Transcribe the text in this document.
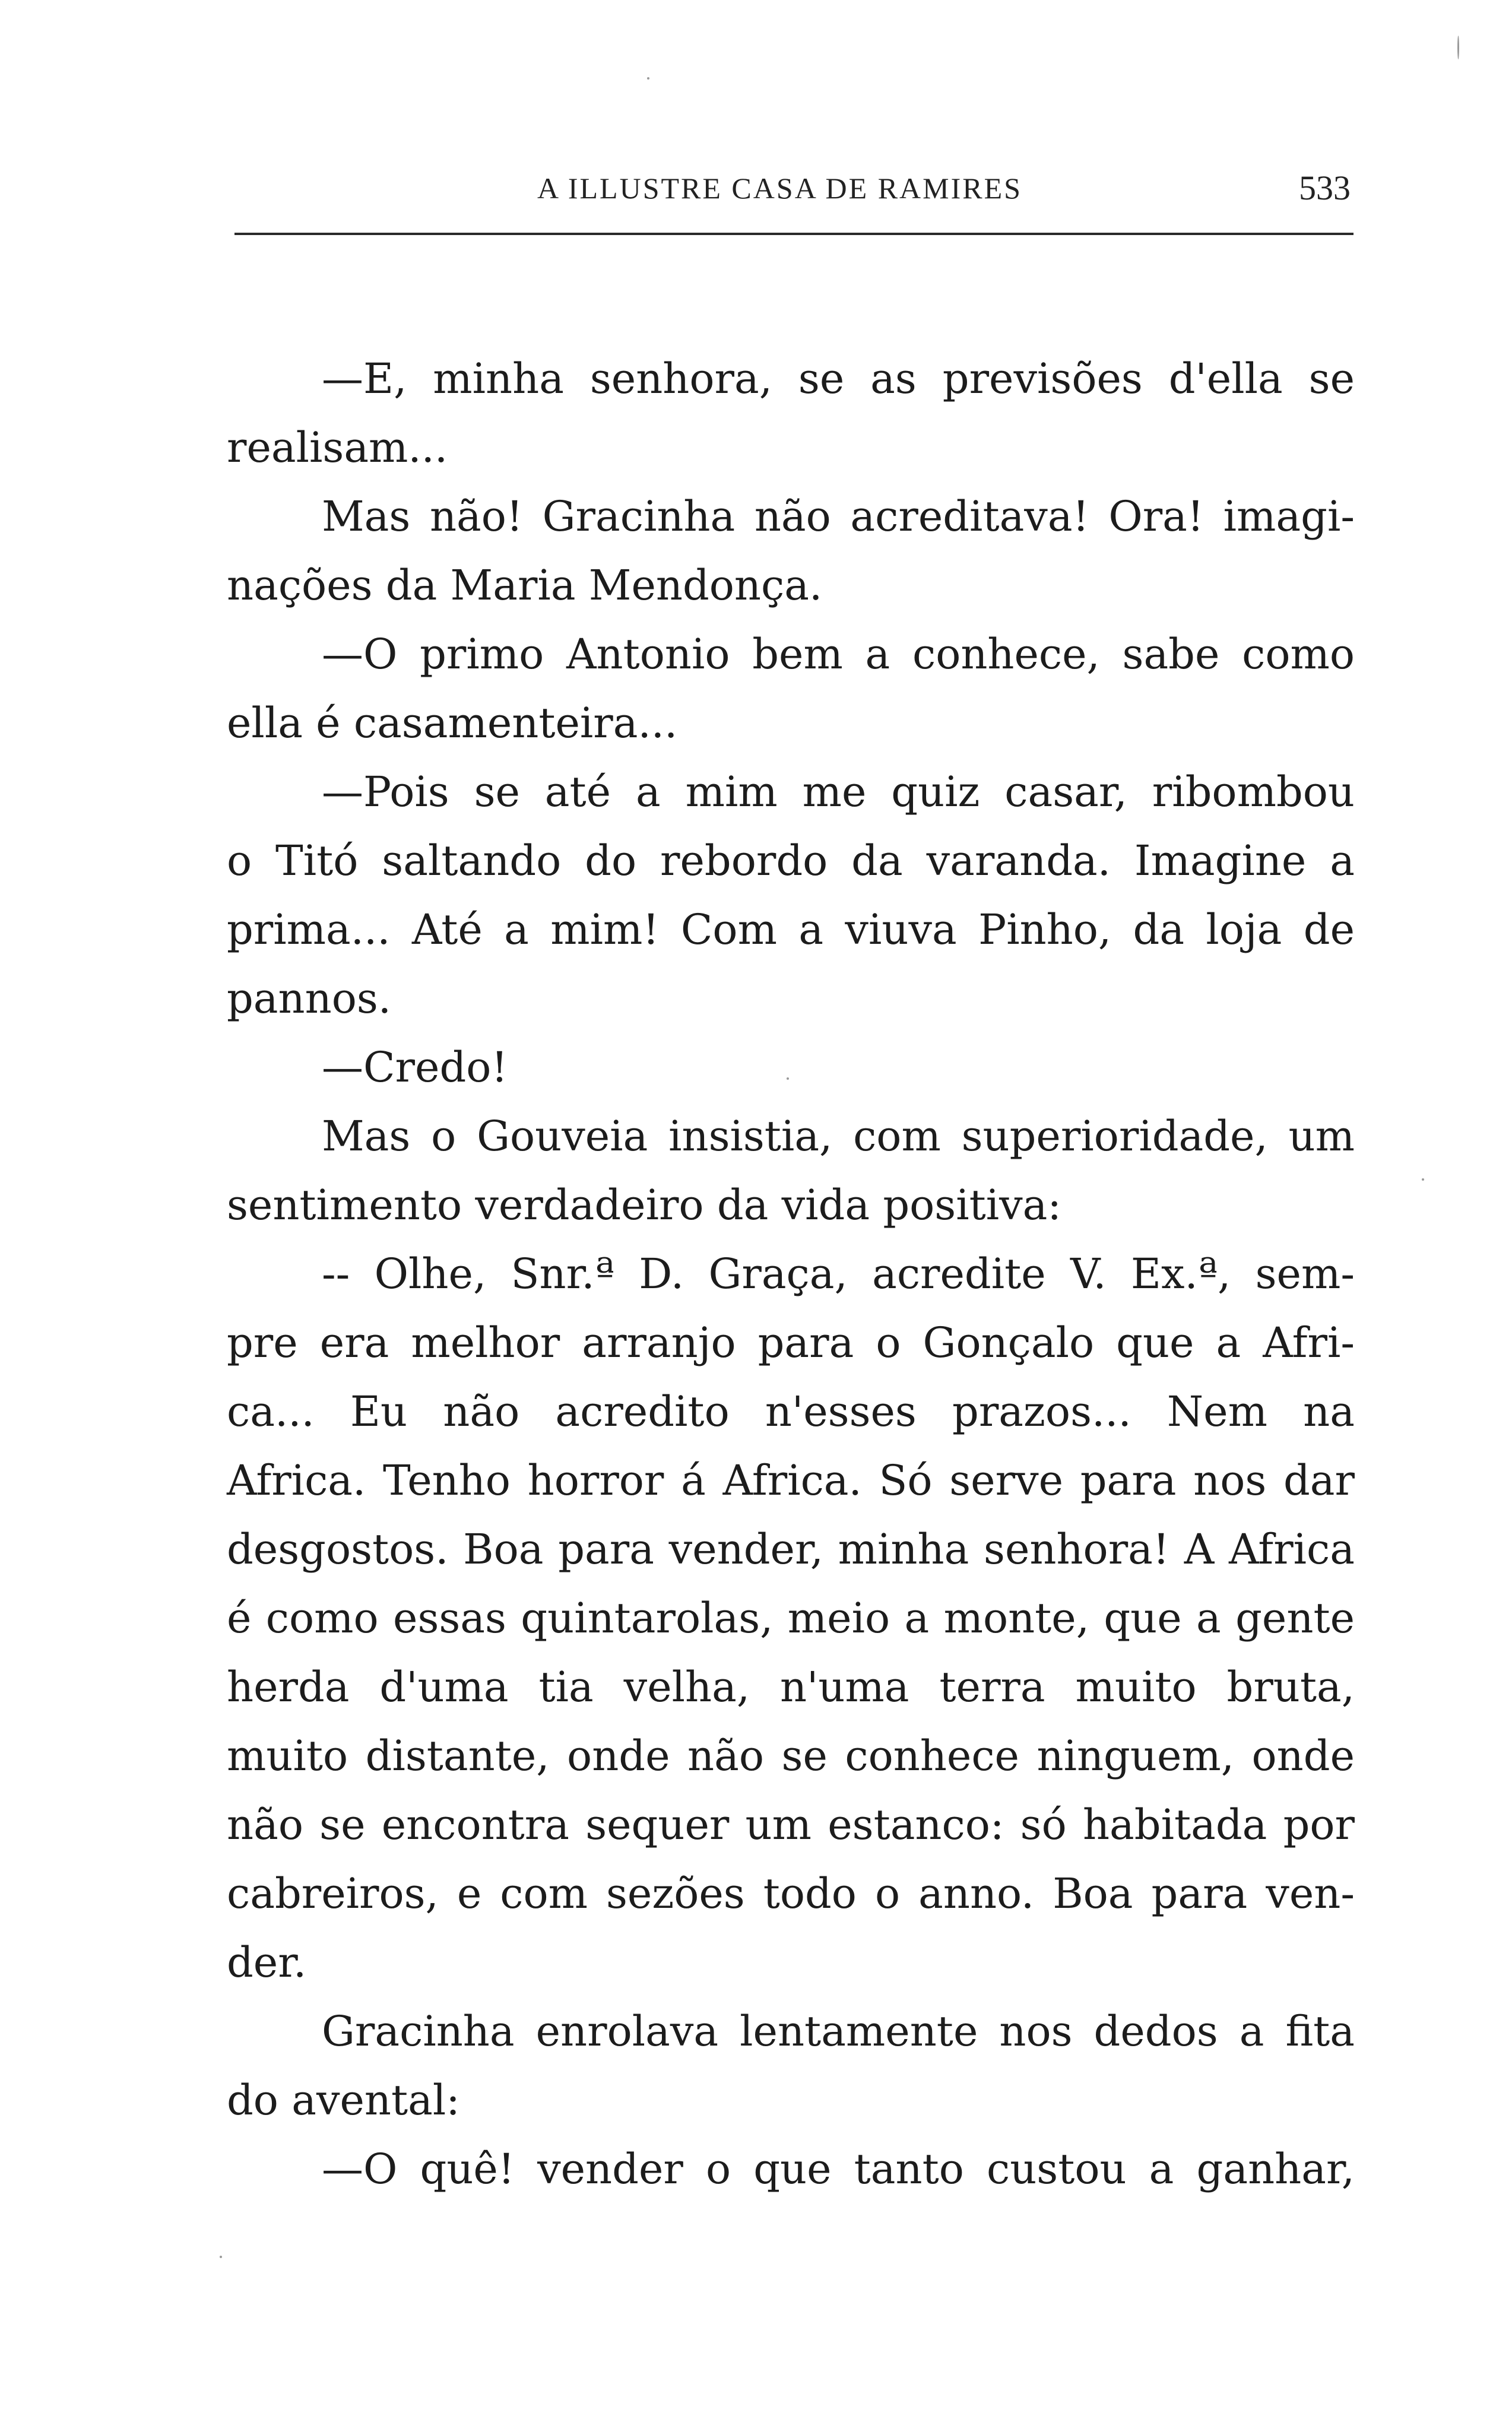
A ILLUSTRE CASA DE RAMIRES	533
—E, minha senhora, se as previsões d'ella se
realisam...
Mas não! Gracinha não acreditava! Ora! imagi-
nações da Maria Mendonça.
—O primo Antonio bem a conhece, sabe como
ella é casamenteira...
—Pois se até a mim me quiz casar, ribombou
o Titó saltando do rebordo da varanda. Imagine a
prima... Até a mim! Com a viuva Pinho, da loja de
pannos.
—Credo!
Mas o Gouveia insistia, com superioridade, um
sentimento verdadeiro da vida positiva:
-- Olhe, Snr.ª D. Graça, acredite V. Ex.ª, sem-
pre era melhor arranjo para o Gonçalo que a Afri-
ca... Eu não acredito n'esses prazos... Nem na
Africa. Tenho horror á Africa. Só serve para nos dar
desgostos. Boa para vender, minha senhora! A Africa
é como essas quintarolas, meio a monte, que a gente
herda d'uma tia velha, n'uma terra muito bruta,
muito distante, onde não se conhece ninguem, onde
não se encontra sequer um estanco: só habitada por
cabreiros, e com sezões todo o anno. Boa para ven-
der.
Gracinha enrolava lentamente nos dedos a fita
do avental:
—O quê! vender o que tanto custou a ganhar,
